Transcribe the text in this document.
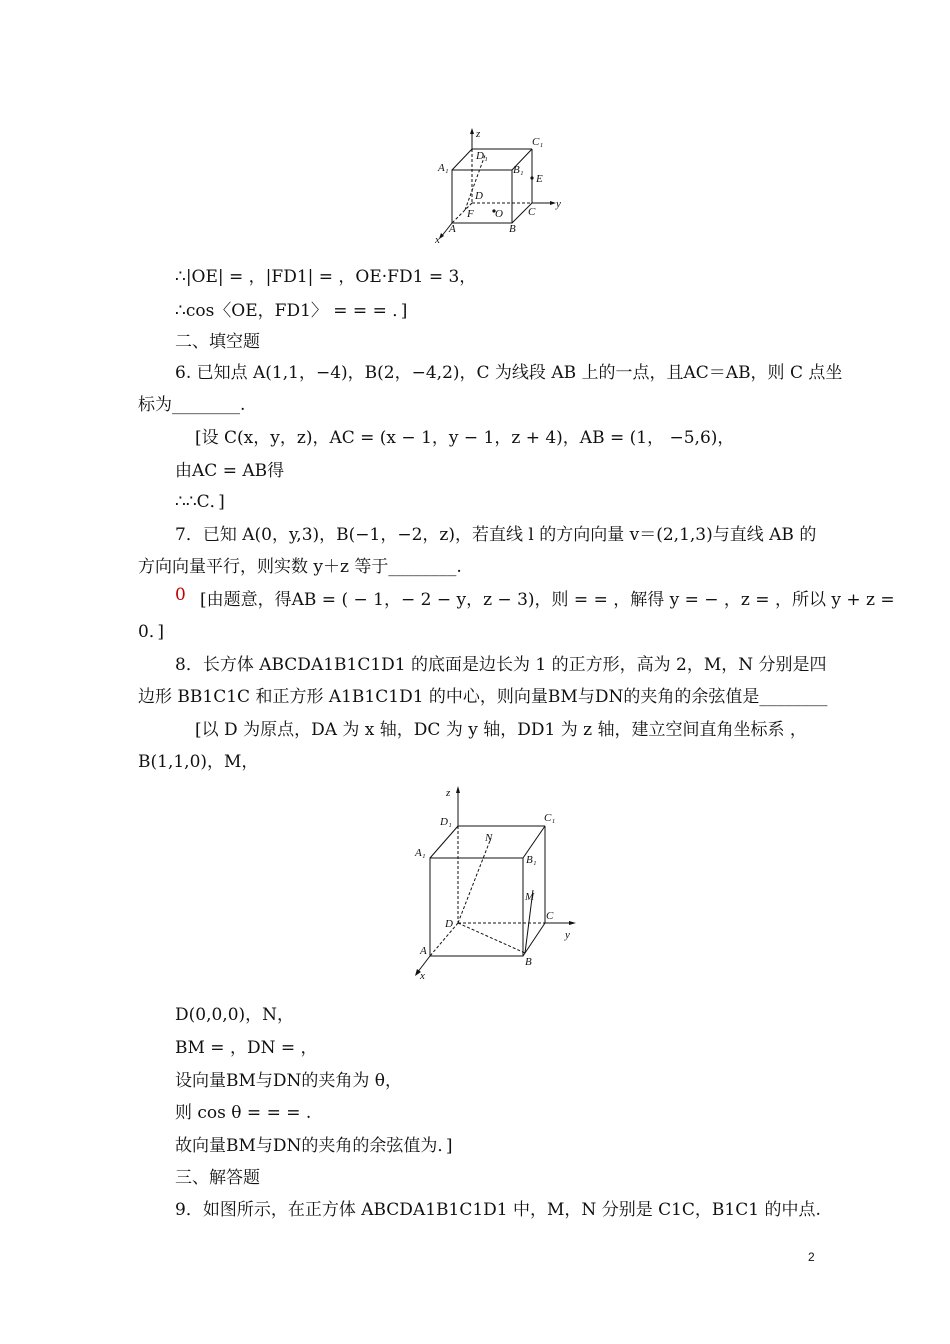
z
y
x
A	B
C
D
A₁	B₁
C₁
D₁
E
F O
∴|OE| = ，|FD1| = ，OE·FD1 = 3，
∴cos〈OE，FD1〉 = = = ．]
二、填空题
6. 已知点 A(1,1，−4)，B(2，−4,2)，C 为线段 AB 上的一点，且AC＝AB，则 C 点坐
标为________.
[设 C(x，y，z)，AC = (x − 1，y − 1，z + 4)，AB = (1， −5,6)，
由AC = AB得
∴∴C．]
7．已知 A(0，y,3)，B(−1，−2，z)，若直线 l 的方向向量 v＝(2,1,3)与直线 AB 的
方向向量平行，则实数 y＋z 等于________.
0 [由题意，得AB = ( − 1，− 2 − y，z − 3)，则 = = ，解得 y = − ，z = ，所以 y + z =
0．]
8．长方体 ABCDA1B1C1D1 的底面是边长为 1 的正方形，高为 2，M，N 分别是四
边形 BB1C1C 和正方形 A1B1C1D1 的中心，则向量BM与DN的夹角的余弦值是________
[以 D 为原点，DA 为 x 轴，DC 为 y 轴，DD1 为 z 轴，建立空间直角坐标系 ，
B(1,1,0)，M，
z
y
x
A
B
C
D
A₁
B₁
C₁
D₁
M
N
D(0,0,0)，N，
BM = ，DN = ，
设向量BM与DN的夹角为 θ，
则 cos θ = = = .
故向量BM与DN的夹角的余弦值为．]
三、解答题
9．如图所示，在正方体 ABCDA1B1C1D1 中，M，N 分别是 C1C，B1C1 的中点.
2
